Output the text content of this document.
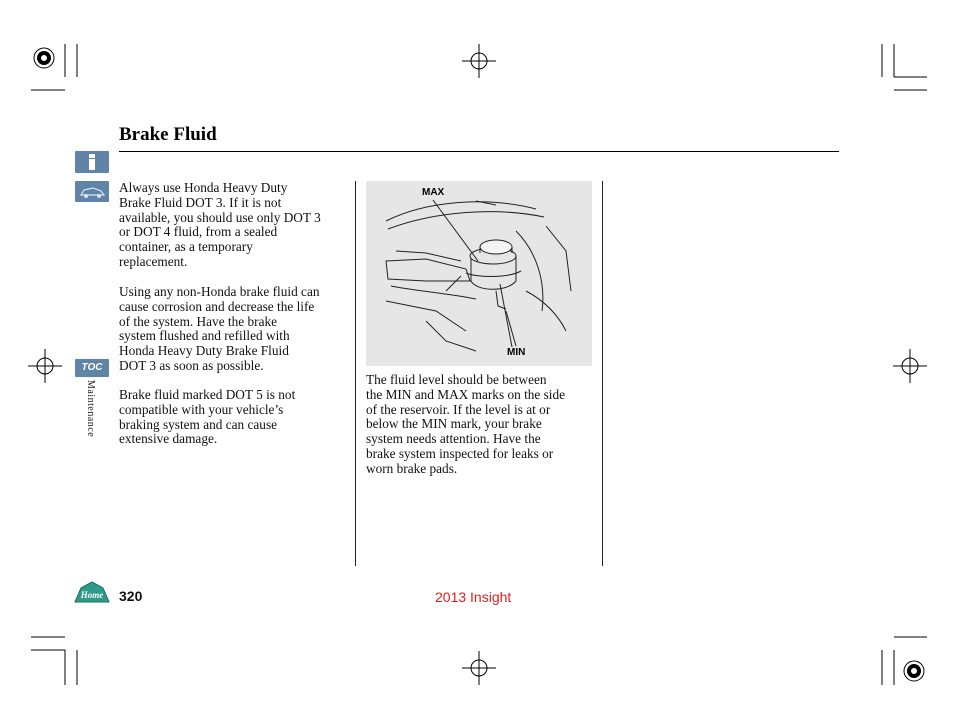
Brake Fluid
TOC
Maintenance
Home
Always use Honda Heavy Duty
Brake Fluid DOT 3. If it is not
available, you should use only DOT 3
or DOT 4 fluid, from a sealed
container, as a temporary
replacement.
Using any non-Honda brake fluid can
cause corrosion and decrease the life
of the system. Have the brake
system flushed and refilled with
Honda Heavy Duty Brake Fluid
DOT 3 as soon as possible.
Brake fluid marked DOT 5 is not
compatible with your vehicle’s
braking system and can cause
extensive damage.
MAX
MIN
The fluid level should be between
the MIN and MAX marks on the side
of the reservoir. If the level is at or
below the MIN mark, your brake
system needs attention. Have the
brake system inspected for leaks or
worn brake pads.
320	2013 Insight
